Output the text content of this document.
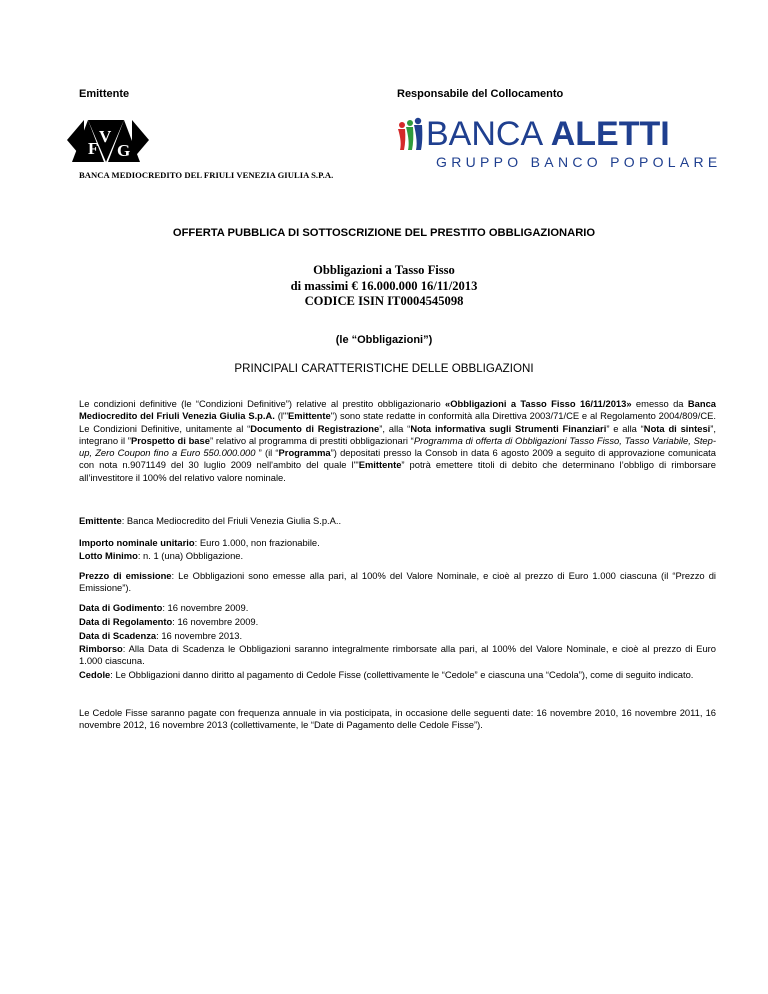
Emittente	Responsabile del Collocamento
F
V
G
BANCA MEDIOCREDITO DEL FRIULI VENEZIA GIULIA S.P.A.
BANCA ALETTI
GRUPPO BANCO POPOLARE
OFFERTA PUBBLICA DI SOTTOSCRIZIONE DEL PRESTITO OBBLIGAZIONARIO
Obbligazioni a Tasso Fisso
di massimi € 16.000.000 16/11/2013
CODICE ISIN IT0004545098
(le “Obbligazioni”)
PRINCIPALI CARATTERISTICHE DELLE OBBLIGAZIONI
Le condizioni definitive (le “Condizioni Definitive”) relative al prestito obbligazionario «Obbligazioni a Tasso Fisso 16/11/2013» emesso da Banca Mediocredito del Friuli Venezia Giulia S.p.A. (l'"Emittente") sono state redatte in conformità alla Direttiva 2003/71/CE e al Regolamento 2004/809/CE. Le Condizioni Definitive, unitamente al “Documento di Registrazione”, alla “Nota informativa sugli Strumenti Finanziari” e alla “Nota di sintesi”, integrano il ”Prospetto di base” relativo al programma di prestiti obbligazionari “Programma di offerta di Obbligazioni Tasso Fisso, Tasso Variabile, Step-up, Zero Coupon fino a Euro 550.000.000 ” (il “Programma”) depositati presso la Consob in data 6 agosto 2009 a seguito di approvazione comunicata con nota n.9071149 del 30 luglio 2009 nell'ambito del quale l'"Emittente” potrà emettere titoli di debito che determinano l’obbligo di rimborsare all’investitore il 100% del relativo valore nominale.
Emittente: Banca Mediocredito del Friuli Venezia Giulia S.p.A..
Importo nominale unitario: Euro 1.000, non frazionabile.
Lotto Minimo: n. 1 (una) Obbligazione.
Prezzo di emissione: Le Obbligazioni sono emesse alla pari, al 100% del Valore Nominale, e cioè al prezzo di Euro 1.000 ciascuna (il “Prezzo di Emissione”).
Data di Godimento: 16 novembre 2009.
Data di Regolamento: 16 novembre 2009.
Data di Scadenza: 16 novembre 2013.
Rimborso: Alla Data di Scadenza le Obbligazioni saranno integralmente rimborsate alla pari, al 100% del Valore Nominale, e cioè al prezzo di Euro 1.000 ciascuna.
Cedole: Le Obbligazioni danno diritto al pagamento di Cedole Fisse (collettivamente le “Cedole” e ciascuna una “Cedola”), come di seguito indicato.
Le Cedole Fisse saranno pagate con frequenza annuale in via posticipata, in occasione delle seguenti date: 16 novembre 2010, 16 novembre 2011, 16 novembre 2012, 16 novembre 2013 (collettivamente, le “Date di Pagamento delle Cedole Fisse”).
